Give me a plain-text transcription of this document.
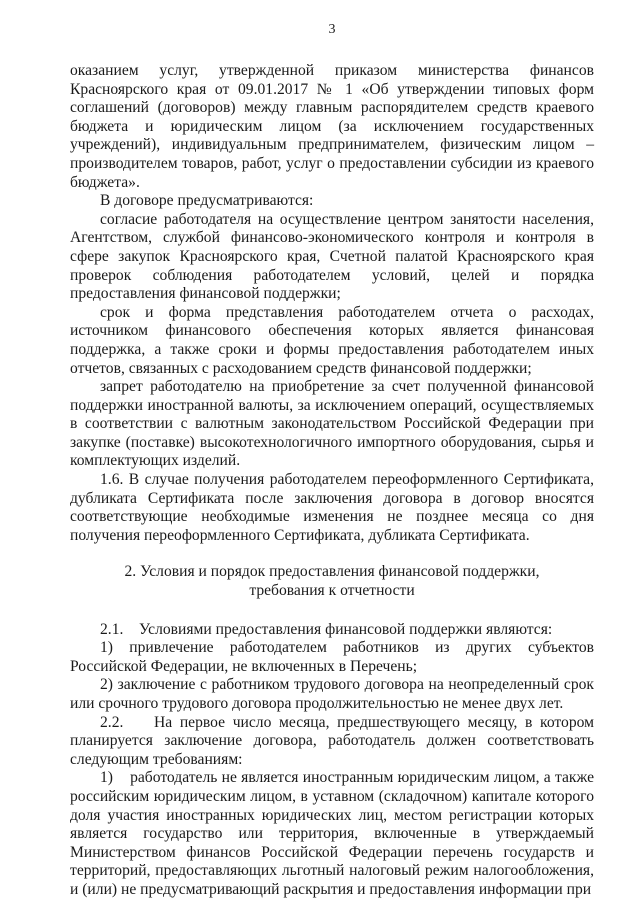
3

оказанием услуг, утвержденной приказом министерства финансов Красноярского края от 09.01.2017 № 1 «Об утверждении типовых форм соглашений (договоров) между главным распорядителем средств краевого бюджета и юридическим лицом (за исключением государственных учреждений), индивидуальным предпринимателем, физическим лицом – производителем товаров, работ, услуг о предоставлении субсидии из краевого бюджета».

В договоре предусматриваются:

согласие работодателя на осуществление центром занятости населения, Агентством, службой финансово-экономического контроля и контроля в сфере закупок Красноярского края, Счетной палатой Красноярского края проверок соблюдения работодателем условий, целей и порядка предоставления финансовой поддержки;

срок и форма представления работодателем отчета о расходах, источником финансового обеспечения которых является финансовая поддержка, а также сроки и формы предоставления работодателем иных отчетов, связанных с расходованием средств финансовой поддержки;

запрет работодателю на приобретение за счет полученной финансовой поддержки иностранной валюты, за исключением операций, осуществляемых в соответствии с валютным законодательством Российской Федерации при закупке (поставке) высокотехнологичного импортного оборудования, сырья и комплектующих изделий.

1.6. В случае получения работодателем переоформленного Сертификата, дубликата Сертификата после заключения договора в договор вносятся соответствующие необходимые изменения не позднее месяца со дня получения переоформленного Сертификата, дубликата Сертификата.

2. Условия и порядок предоставления финансовой поддержки,
требования к отчетности

2.1.    Условиями предоставления финансовой поддержки являются:

1) привлечение работодателем работников из других субъектов Российской Федерации, не включенных в Перечень;

2) заключение с работником трудового договора на неопределенный срок или срочного трудового договора продолжительностью не менее двух лет.

2.2.    На первое число месяца, предшествующего месяцу, в котором планируется заключение договора, работодатель должен соответствовать следующим требованиям:

1)    работодатель не является иностранным юридическим лицом, а также российским юридическим лицом, в уставном (складочном) капитале которого доля участия иностранных юридических лиц, местом регистрации которых является государство или территория, включенные в утверждаемый Министерством финансов Российской Федерации перечень государств и территорий, предоставляющих льготный налоговый режим налогообложения, и (или) не предусматривающий раскрытия и предоставления информации при
